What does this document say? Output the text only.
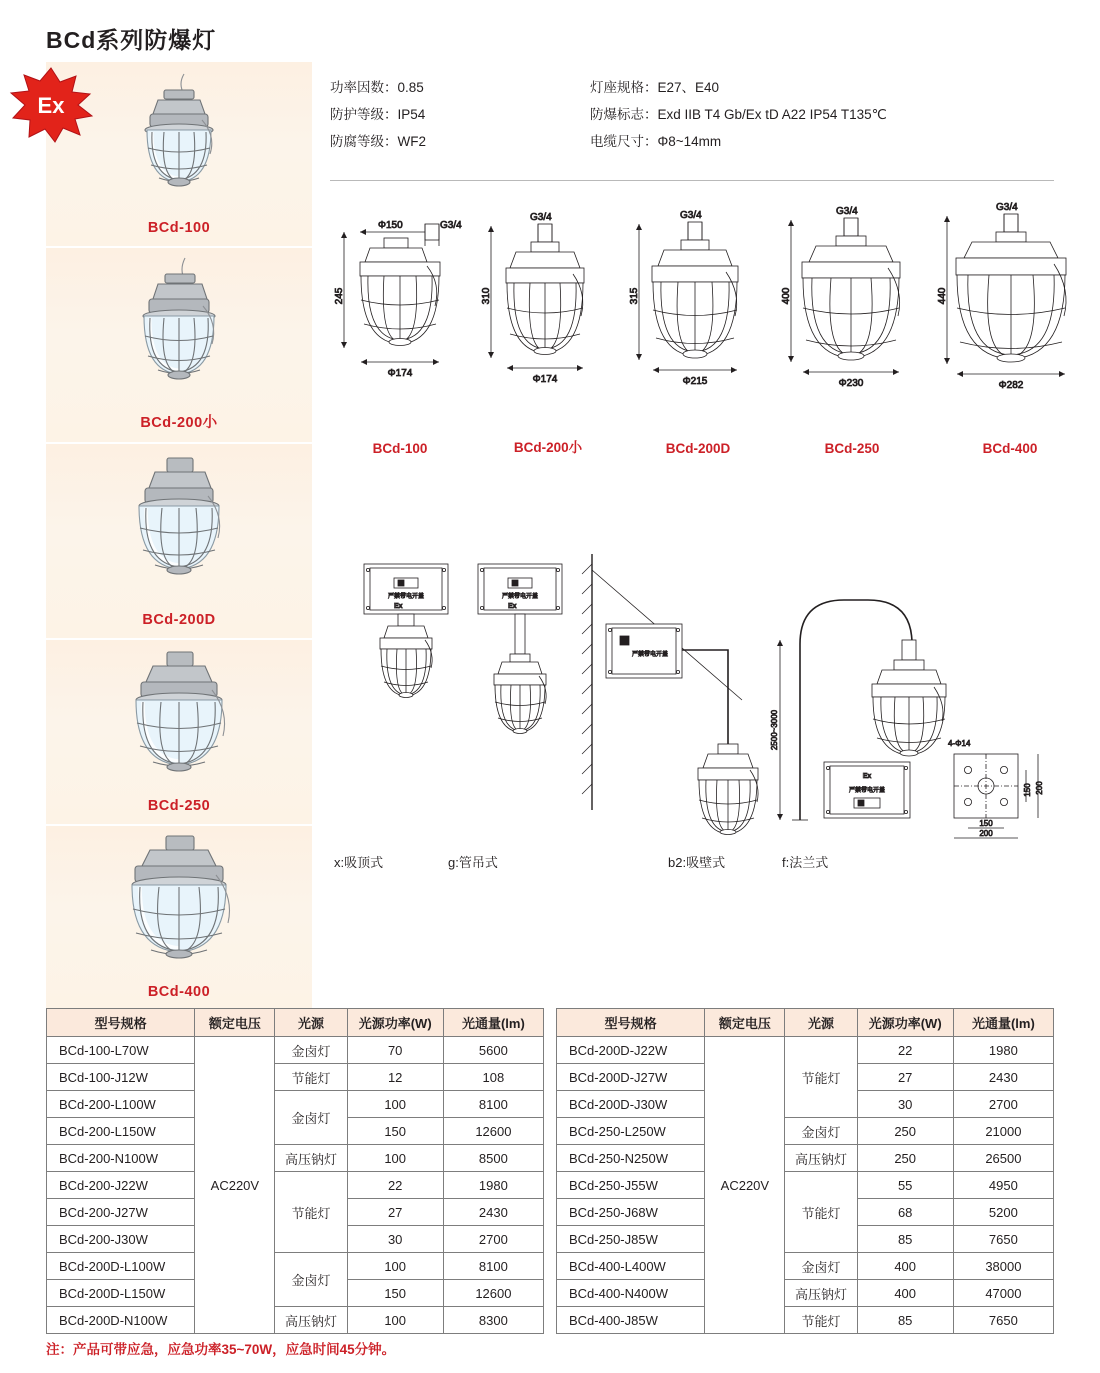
BCd系列防爆灯
Ex
BCd-100
BCd-200小
BCd-200D
BCd-250
BCd-400
功率因数：0.85
防护等级：IP54
防腐等级：WF2
灯座规格：E27、E40
防爆标志：Exd IIB T4 Gb/Ex tD A22 IP54 T135℃
电缆尺寸：Φ8~14mm
Φ150	G3/4
245
Φ174
BCd-100
G3/4
310
Φ174
BCd-200小
G3/4
315
Φ215
BCd-200D
G3/4
400
Φ230
BCd-250
G3/4
440
Φ282
BCd-400
严禁带电开盖
Ex
严禁带电开盖
Ex
严禁带电开盖
2500~3000
Ex
严禁带电开盖
4-Φ14
150 200
150
200
x:吸顶式	g:管吊式	b2:吸壁式	f:法兰式
型号规格	额定电压	光源	光源功率(W)	光通量(lm)
BCd-100-L70W	AC220V	金卤灯	70	5600
BCd-100-J12W		节能灯	12	108
BCd-200-L100W		金卤灯	100	8100
BCd-200-L150W			150	12600
BCd-200-N100W		高压钠灯	100	8500
BCd-200-J22W		节能灯	22	1980
BCd-200-J27W			27	2430
BCd-200-J30W			30	2700
BCd-200D-L100W		金卤灯	100	8100
BCd-200D-L150W			150	12600
BCd-200D-N100W		高压钠灯	100	8300
型号规格	额定电压	光源	光源功率(W)	光通量(lm)
BCd-200D-J22W	AC220V	节能灯	22	1980
BCd-200D-J27W			27	2430
BCd-200D-J30W			30	2700
BCd-250-L250W		金卤灯	250	21000
BCd-250-N250W		高压钠灯	250	26500
BCd-250-J55W		节能灯	55	4950
BCd-250-J68W			68	5200
BCd-250-J85W			85	7650
BCd-400-L400W		金卤灯	400	38000
BCd-400-N400W		高压钠灯	400	47000
BCd-400-J85W		节能灯	85	7650
注：产品可带应急，应急功率35~70W，应急时间45分钟。
